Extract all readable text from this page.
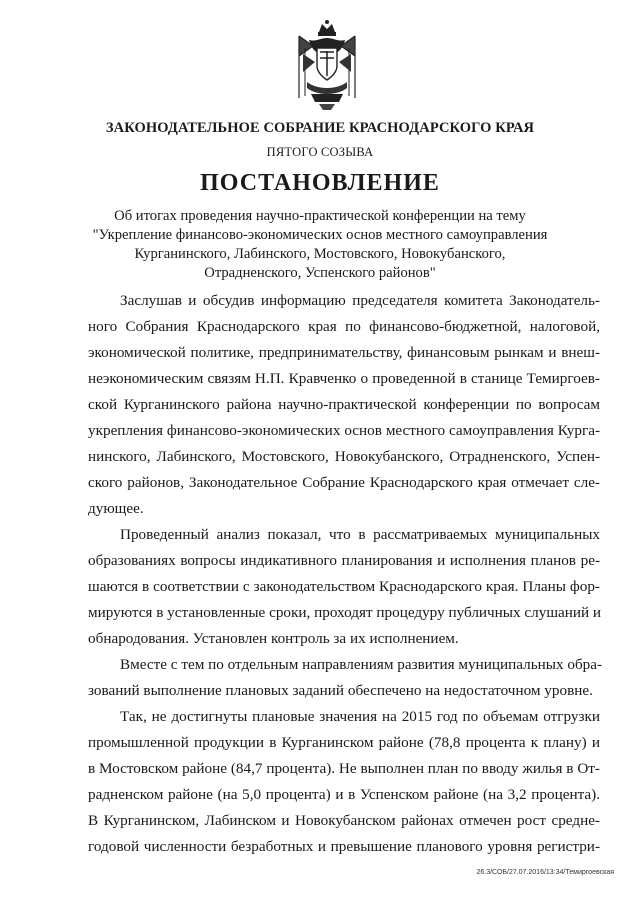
ЗАКОНОДАТЕЛЬНОЕ СОБРАНИЕ КРАСНОДАРСКОГО КРАЯ
ПЯТОГО СОЗЫВА
ПОСТАНОВЛЕНИЕ
Об итогах проведения научно-практической конференции на тему
"Укрепление финансово-экономических основ местного самоуправления
Курганинского, Лабинского, Мостовского, Новокубанского,
Отрадненского, Успенского районов"
Заслушав и обсудив информацию председателя комитета Законодатель-
ного Собрания Краснодарского края по финансово-бюджетной, налоговой,
экономической политике, предпринимательству, финансовым рынкам и внеш-
неэкономическим связям Н.П. Кравченко о проведенной в станице Темиргоев-
ской Курганинского района научно-практической конференции по вопросам
укрепления финансово-экономических основ местного самоуправления Курга-
нинского, Лабинского, Мостовского, Новокубанского, Отрадненского, Успен-
ского районов, Законодательное Собрание Краснодарского края отмечает сле-
дующее.
Проведенный анализ показал, что в рассматриваемых муниципальных
образованиях вопросы индикативного планирования и исполнения планов ре-
шаются в соответствии с законодательством Краснодарского края. Планы фор-
мируются в установленные сроки, проходят процедуру публичных слушаний и
обнародования. Установлен контроль за их исполнением.
Вместе с тем по отдельным направлениям развития муниципальных обра-
зований выполнение плановых заданий обеспечено на недостаточном уровне.
Так, не достигнуты плановые значения на 2015 год по объемам отгрузки
промышленной продукции в Курганинском районе (78,8 процента к плану) и
в Мостовском районе (84,7 процента). Не выполнен план по вводу жилья в От-
радненском районе (на 5,0 процента) и в Успенском районе (на 3,2 процента).
В Курганинском, Лабинском и Новокубанском районах отмечен рост средне-
годовой численности безработных и превышение планового уровня регистри-
26.3/СОБ/27.07.2016/13:34/Темиргоевская
